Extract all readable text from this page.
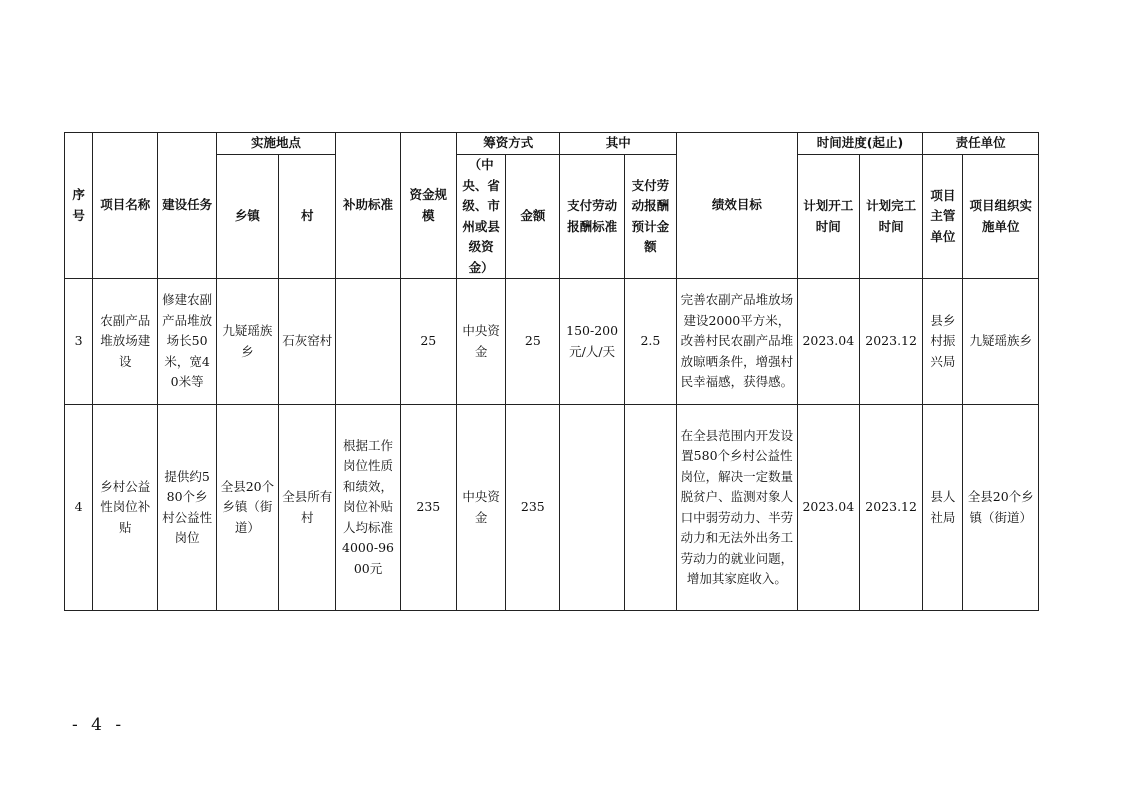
序号	项目名称	建设任务	实施地点		补助标准	资金规模	筹资方式		其中		绩效目标	时间进度(起止)		责任单位	
			乡镇	村			（中央、省级、市州或县级资金）	金额	支付劳动报酬标准	支付劳动报酬预计金额		计划开工时间	计划完工时间	项目主管单位	项目组织实施单位
3	农副产品堆放场建设	修建农副产品堆放场长50米，宽40米等	九疑瑶族乡	石灰窑村		25	中央资金	25	150-200元/人/天	2.5	完善农副产品堆放场建设2000平方米，改善村民农副产品堆放晾晒条件，增强村民幸福感，获得感。	2023.04	2023.12	县乡村振兴局	九疑瑶族乡
4	乡村公益性岗位补贴	提供约580个乡村公益性岗位	全县20个乡镇（街道）	全县所有村	根据工作岗位性质和绩效，岗位补贴人均标准4000-9600元	235	中央资金	235			在全县范围内开发设置580个乡村公益性岗位，解决一定数量脱贫户、监测对象人口中弱劳动力、半劳动力和无法外出务工劳动力的就业问题，增加其家庭收入。	2023.04	2023.12	县人社局	全县20个乡镇（街道）
- 4 -
